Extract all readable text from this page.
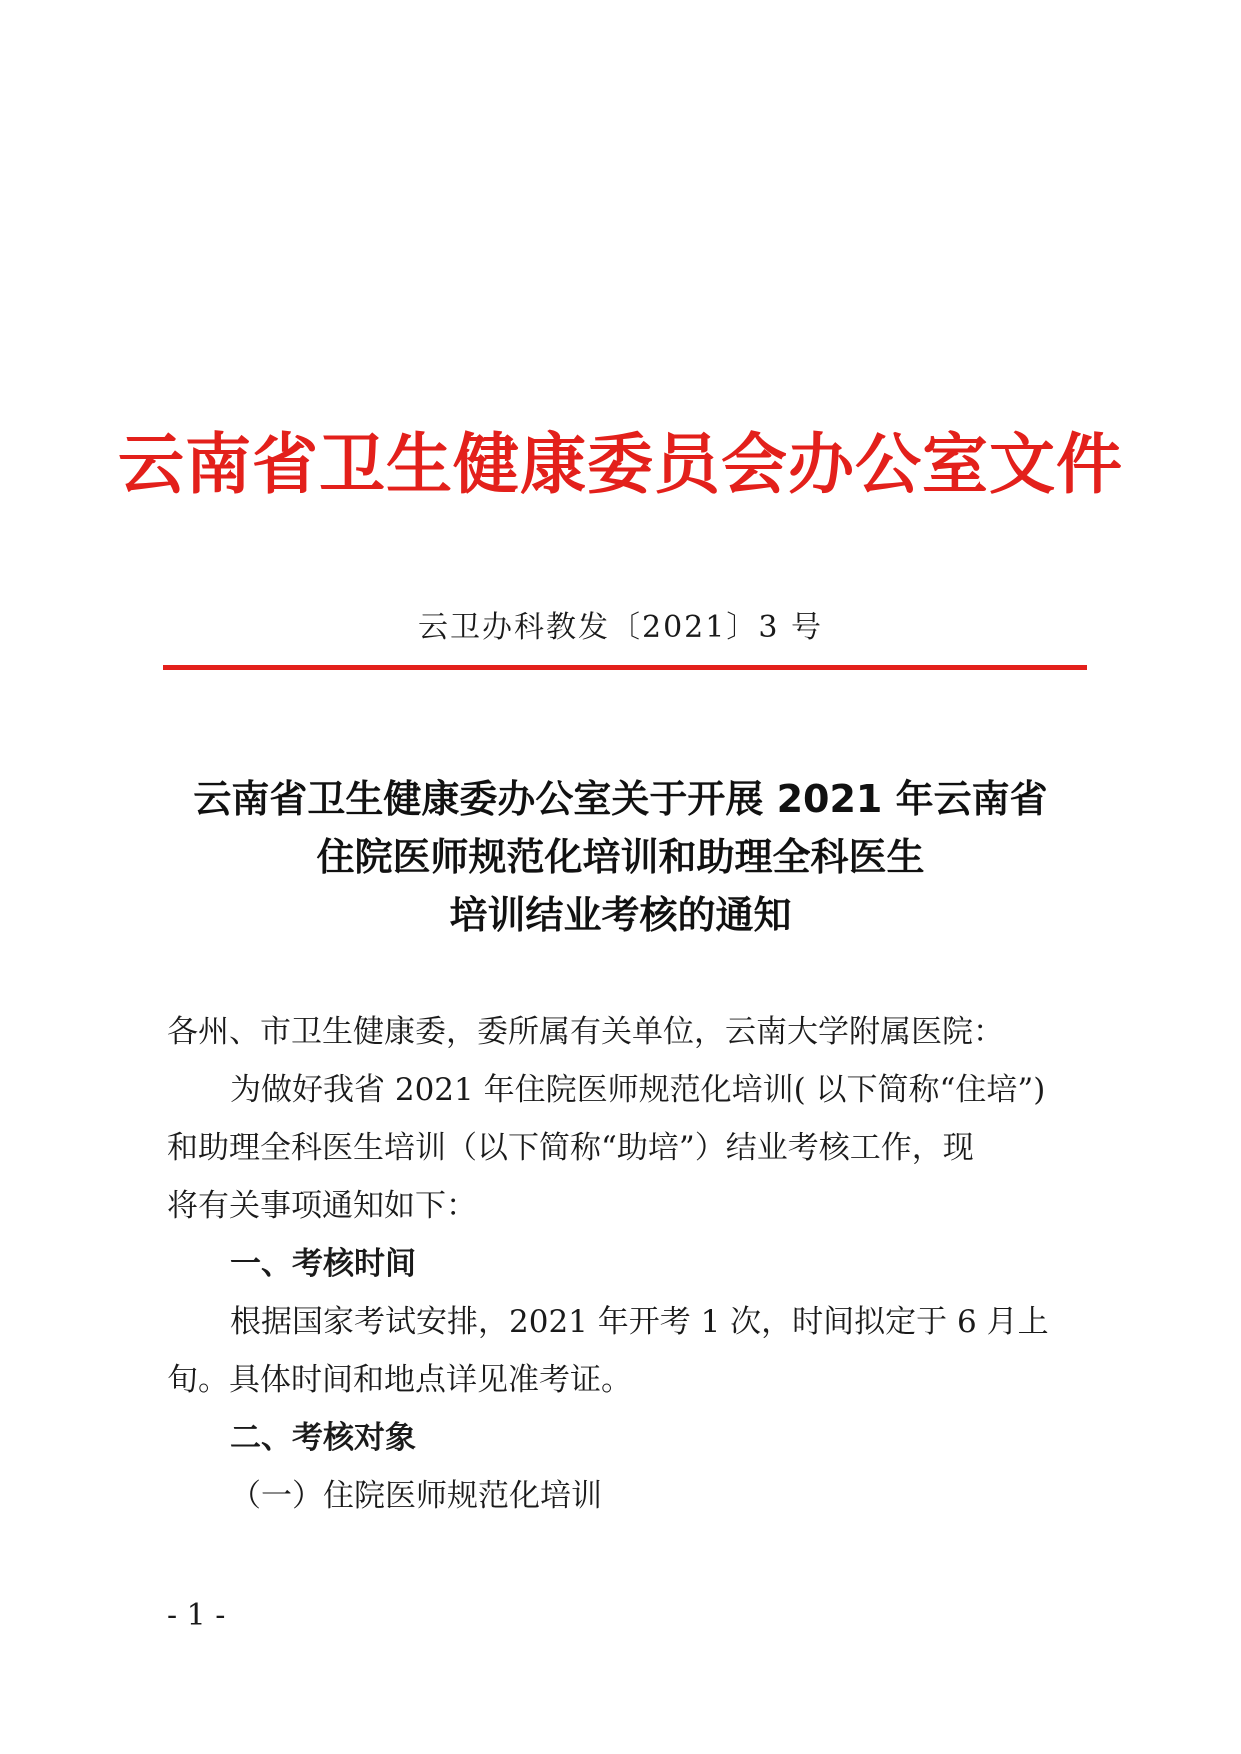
云南省卫生健康委员会办公室文件
云卫办科教发〔2021〕3 号
云南省卫生健康委办公室关于开展 2021 年云南省
住院医师规范化培训和助理全科医生
培训结业考核的通知
各州、市卫生健康委，委所属有关单位，云南大学附属医院：
为做好我省 2021 年住院医师规范化培训( 以下简称“住培”)
和助理全科医生培训（以下简称“助培”）结业考核工作，现
将有关事项通知如下：
一、考核时间
根据国家考试安排，2021 年开考 1 次，时间拟定于 6 月上
旬。具体时间和地点详见准考证。
二、考核对象
（一）住院医师规范化培训
- 1 -
